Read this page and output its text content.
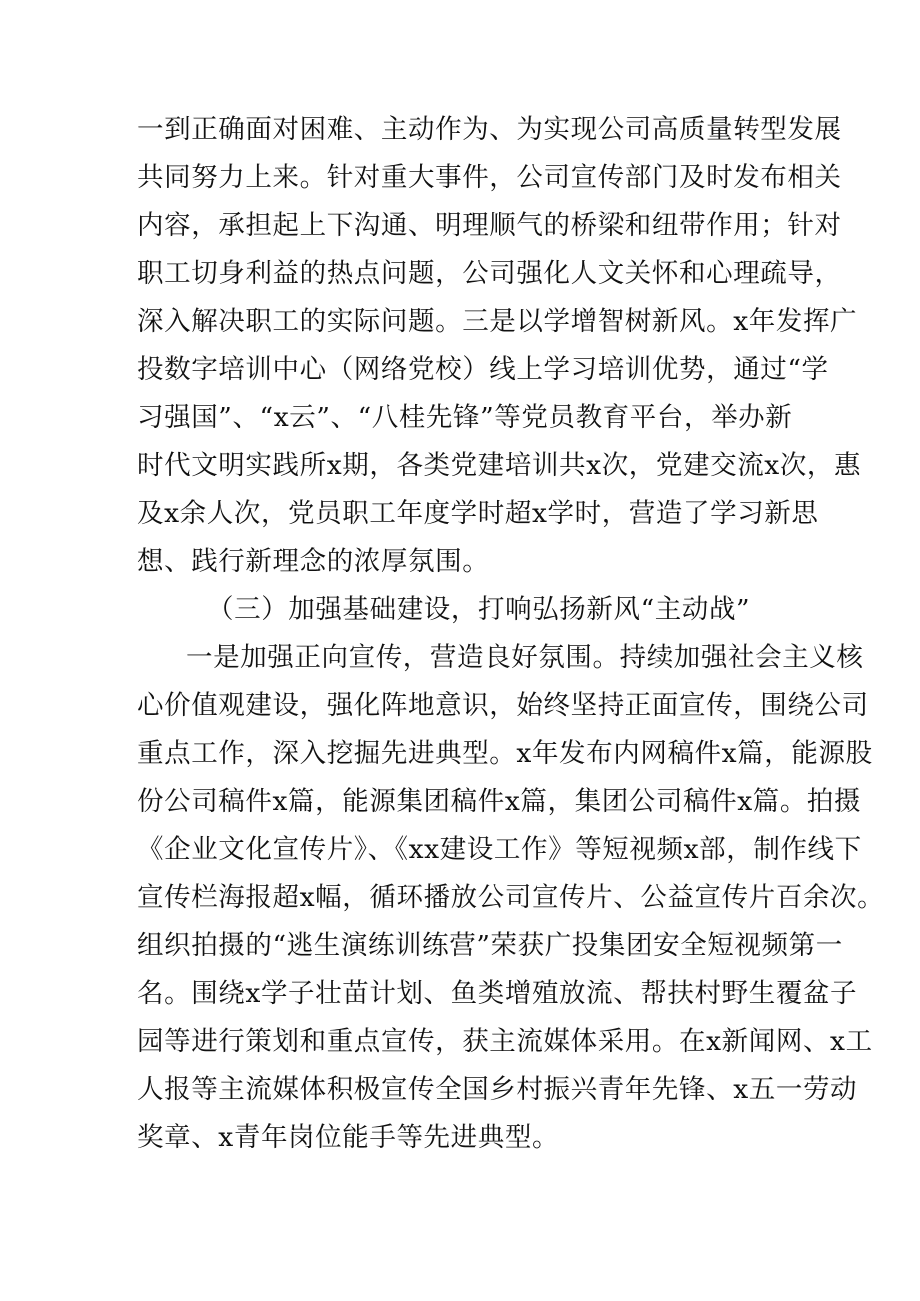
一到正确面对困难、主动作为、为实现公司高质量转型发展
共同努力上来。针对重大事件，公司宣传部门及时发布相关
内容，承担起上下沟通、明理顺气的桥梁和纽带作用；针对
职工切身利益的热点问题，公司强化人文关怀和心理疏导，
深入解决职工的实际问题。三是以学增智树新风。x年发挥广
投数字培训中心（网络党校）线上学习培训优势，通过“学
习强国”、“x云”、“八桂先锋”等党员教育平台，举办新
时代文明实践所x期，各类党建培训共x次，党建交流x次，惠
及x余人次，党员职工年度学时超x学时，营造了学习新思
想、践行新理念的浓厚氛围。
（三）加强基础建设，打响弘扬新风“主动战”
一是加强正向宣传，营造良好氛围。持续加强社会主义核
心价值观建设，强化阵地意识，始终坚持正面宣传，围绕公司
重点工作，深入挖掘先进典型。x年发布内网稿件x篇，能源股
份公司稿件x篇，能源集团稿件x篇，集团公司稿件x篇。拍摄
《企业文化宣传片》、《xx建设工作》等短视频x部，制作线下
宣传栏海报超x幅，循环播放公司宣传片、公益宣传片百余次。
组织拍摄的“逃生演练训练营”荣获广投集团安全短视频第一
名。围绕x学子壮苗计划、鱼类增殖放流、帮扶村野生覆盆子
园等进行策划和重点宣传，获主流媒体采用。在x新闻网、x工
人报等主流媒体积极宣传全国乡村振兴青年先锋、x五一劳动
奖章、x青年岗位能手等先进典型。
